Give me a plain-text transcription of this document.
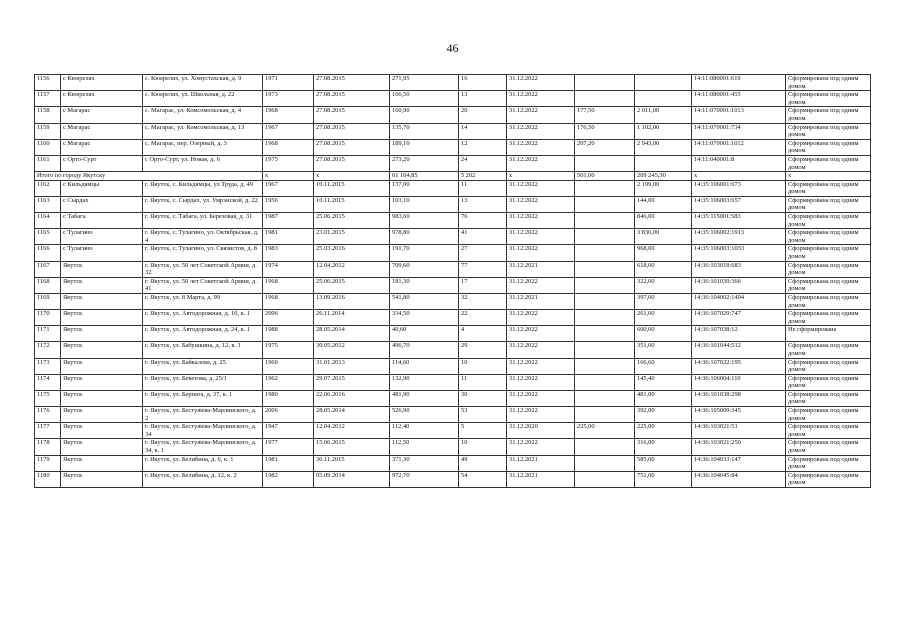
46
1156	с Кюерелях	с. Кюерелях, ул. Хомустахская, д. 9	1971	27.08.2015	271,95	16	31.12.2022			14:11:080001:619	Сформирована под одним домом
1157	с Кюерелях	с. Кюерелях, ул. Школьная, д. 22	1973	27.08.2015	166,50	13	31.12.2022			14:11:080001:455	Сформирована под одним домом
1158	с Магарас	с. Магарас, ул. Комсомольская, д. 4	1968	27.08.2015	160,90	20	31.12.2022	177,50	2 011,00	14:11:070001:1013	Сформирована под одним домом
1159	с Магарас	с. Магарас, ул. Комсомольская, д. 13	1967	27.08.2015	135,70	14	31.12.2022	176,50	1 102,00	14:11:070001:734	Сформирована под одним домом
1160	с Магарас	с. Магарас, пер. Озерный, д. 3	1968	27.08.2015	189,10	12	31.12.2022	207,20	2 943,00	14:11:070001:1012	Сформирована под одним домом
1161	с Орто-Сурт	с Орто-Сурт, ул. Новая, д. 6	1975	27.08.2015	273,20	24	31.12.2022			14:11:040001:8	Сформирована под одним домом
Итого по городу Якутску			х	х	61 104,85	5 202	х	501,00	209 245,30	х	х
1162	с Кильдямцы	г. Якутск, с. Кильдямцы, ул Труда, д. 49	1967	10.11.2015	137,00	11	31.12.2022		2 199,00	14:35:106001:673	Сформирована под одним домом
1163	с Сырдах	г. Якутск, с. Сырдах, ул. Умрэнской, д. 22	1956	10.11.2015	103,10	13	31.12.2022		144,00	14:35:106003:657	Сформирована под одним домом
1164	с Табага	г. Якутск, с. Табага, ул. Березовая, д. 31	1987	25.06.2015	983,60	76	31.12.2022		846,00	14:35:115001:583	Сформирована под одним домом
1165	с Тулагино	г. Якутск, с. Тулагино, ул. Октябрьская, д. 4	1981	23.01.2015	978,80	41	31.12.2022		3 836,00	14:35:106002:1913	Сформирована под одним домом
1166	с Тулагино	г. Якутск, с. Тулагино, ул. Связистов, д. 8	1983	25.03.2016	191,70	27	31.12.2022		968,00	14:35:106003:1033	Сформирована под одним домом
1167	Якутск	г. Якутск, ул. 50 лет Советской Армии, д. 32	1974	12.04.2012	709,60	77	31.12.2021		618,00	14:36:103018:683	Сформирована под одним домом
1168	Якутск	г. Якутск, ул. 50 лет Советской Армии, д. 41	1968	25.06.2015	181,30	17	31.12.2022		322,00	14:36:101039:366	Сформирована под одним домом
1169	Якутск	г. Якутск, ул. 8 Марта, д. 99	1968	13.09.2016	541,80	32	31.12.2021		397,00	14:36:104002:1494	Сформирована под одним домом
1170	Якутск	г. Якутск, ул. Автодорожная, д. 10, к. 1	2006	26.11.2014	334,50	22	31.12.2022		261,00	14:36:107029:747	Сформирована под одним домом
1171	Якутск	г. Якутск, ул. Автодорожная, д. 24, к. 1	1988	28.05.2014	40,60	4	31.12.2022		600,00	14:36:107038:12	Не сформирована
1172	Якутск	г. Якутск, ул. Бабушкина, д. 12, к. 1	1975	30.05.2012	496,70	29	31.12.2022		351,00	14:36:101044:512	Сформирована под одним домом
1173	Якутск	г. Якутск, ул. Байкалова, д. 25	1960	31.01.2013	114,60	10	31.12.2022		166,60	14:36:107022:195	Сформирована под одним домом
1174	Якутск	г. Якутск, ул. Беветова, д. 25/1	1962	29.07.2015	132,90	11	31.12.2022		145,40	14:36:106004:110	Сформирована под одним домом
1175	Якутск	г. Якутск, ул. Берната, д. 37, к. 1	1980	22.06.2016	481,90	30	31.12.2022		481,00	14:36:101038:298	Сформирована под одним домом
1176	Якутск	г. Якутск, ул. Бестужева-Марлинского, д. 2	2006	28.05.2014	526,90	53	31.12.2022		392,00	14:36:105009:345	Сформирована под одним домом
1177	Якутск	г. Якутск, ул. Бестужева-Марлинского, д. 34	1947	12.04.2012	112,40	5	31.12.2020	225,00	225,00	14:36:103021:51	Сформирована под одним домом
1178	Якутск	г. Якутск, ул. Бестужева-Марлинского, д. 34, к. 1	1977	15.06.2015	112,50	10	31.12.2022		316,00	14:36:103021:250	Сформирована под одним домом
1179	Якутск	г. Якутск, ул. Белибина, д. 6, к. 1	1981	30.11.2015	371,30	49	31.12.2021		585,00	14:36:104033:147	Сформирована под одним домом
1180	Якутск	г. Якутск, ул. Белибина, д. 12, к. 2	1982	05.09.2014	972,70	54	31.12.2021		751,00	14:36:104045:84	Сформирована под одним домом
